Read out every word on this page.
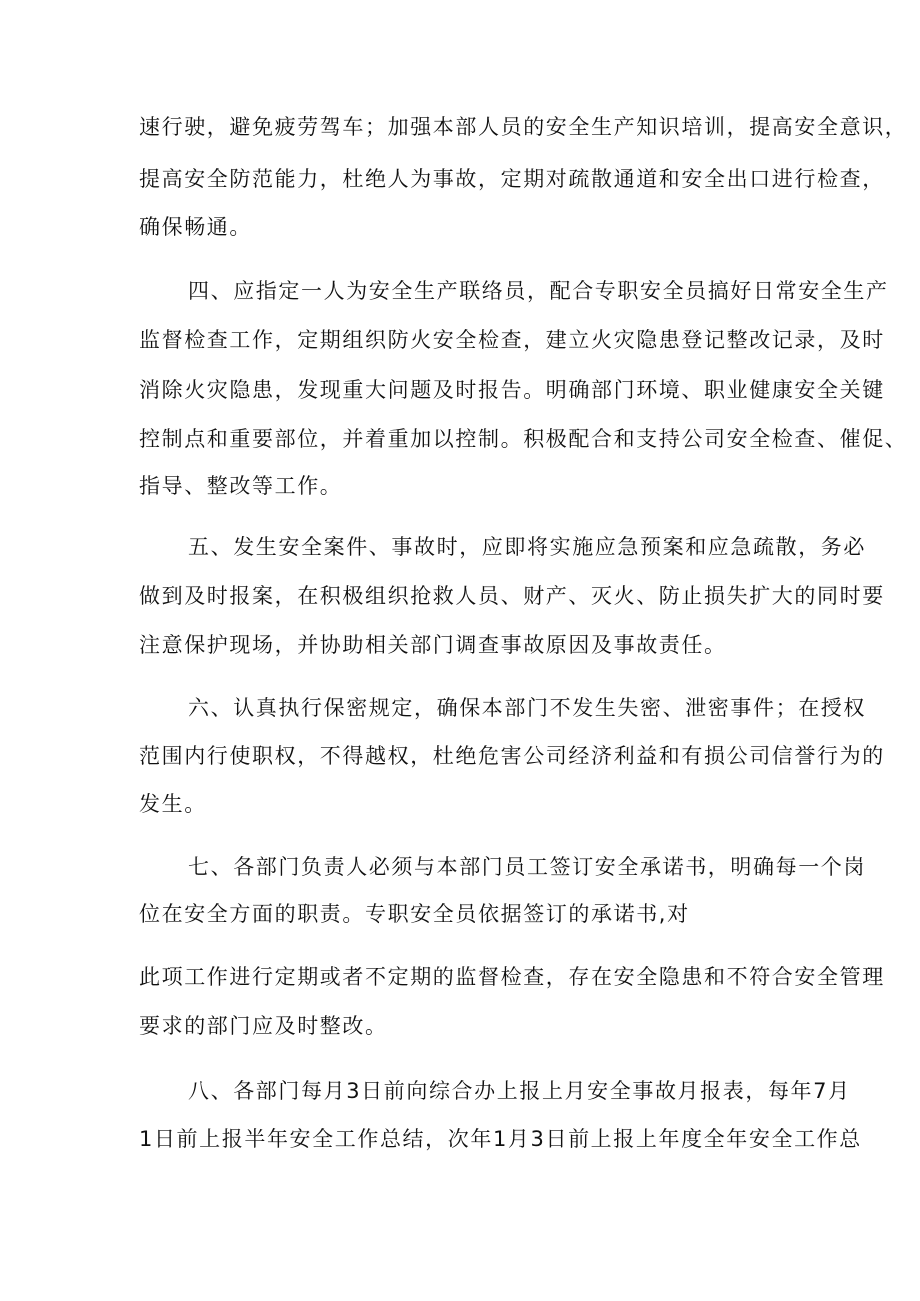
速行驶，避免疲劳驾车；加强本部人员的安全生产知识培训，提高安全意识，
提高安全防范能力，杜绝人为事故，定期对疏散通道和安全出口进行检查，
确保畅通。
四、应指定一人为安全生产联络员，配合专职安全员搞好日常安全生产
监督检查工作，定期组织防火安全检查，建立火灾隐患登记整改记录，及时
消除火灾隐患，发现重大问题及时报告。明确部门环境、职业健康安全关键
控制点和重要部位，并着重加以控制。积极配合和支持公司安全检查、催促、
指导、整改等工作。
五、发生安全案件、事故时，应即将实施应急预案和应急疏散，务必
做到及时报案，在积极组织抢救人员、财产、灭火、防止损失扩大的同时要
注意保护现场，并协助相关部门调查事故原因及事故责任。
六、认真执行保密规定，确保本部门不发生失密、泄密事件；在授权
范围内行使职权，不得越权，杜绝危害公司经济利益和有损公司信誉行为的
发生。
七、各部门负责人必须与本部门员工签订安全承诺书，明确每一个岗
位在安全方面的职责。专职安全员依据签订的承诺书,对
此项工作进行定期或者不定期的监督检查，存在安全隐患和不符合安全管理
要求的部门应及时整改。
八、各部门每月3日前向综合办上报上月安全事故月报表，每年7月
1日前上报半年安全工作总结，次年1月3日前上报上年度全年安全工作总
